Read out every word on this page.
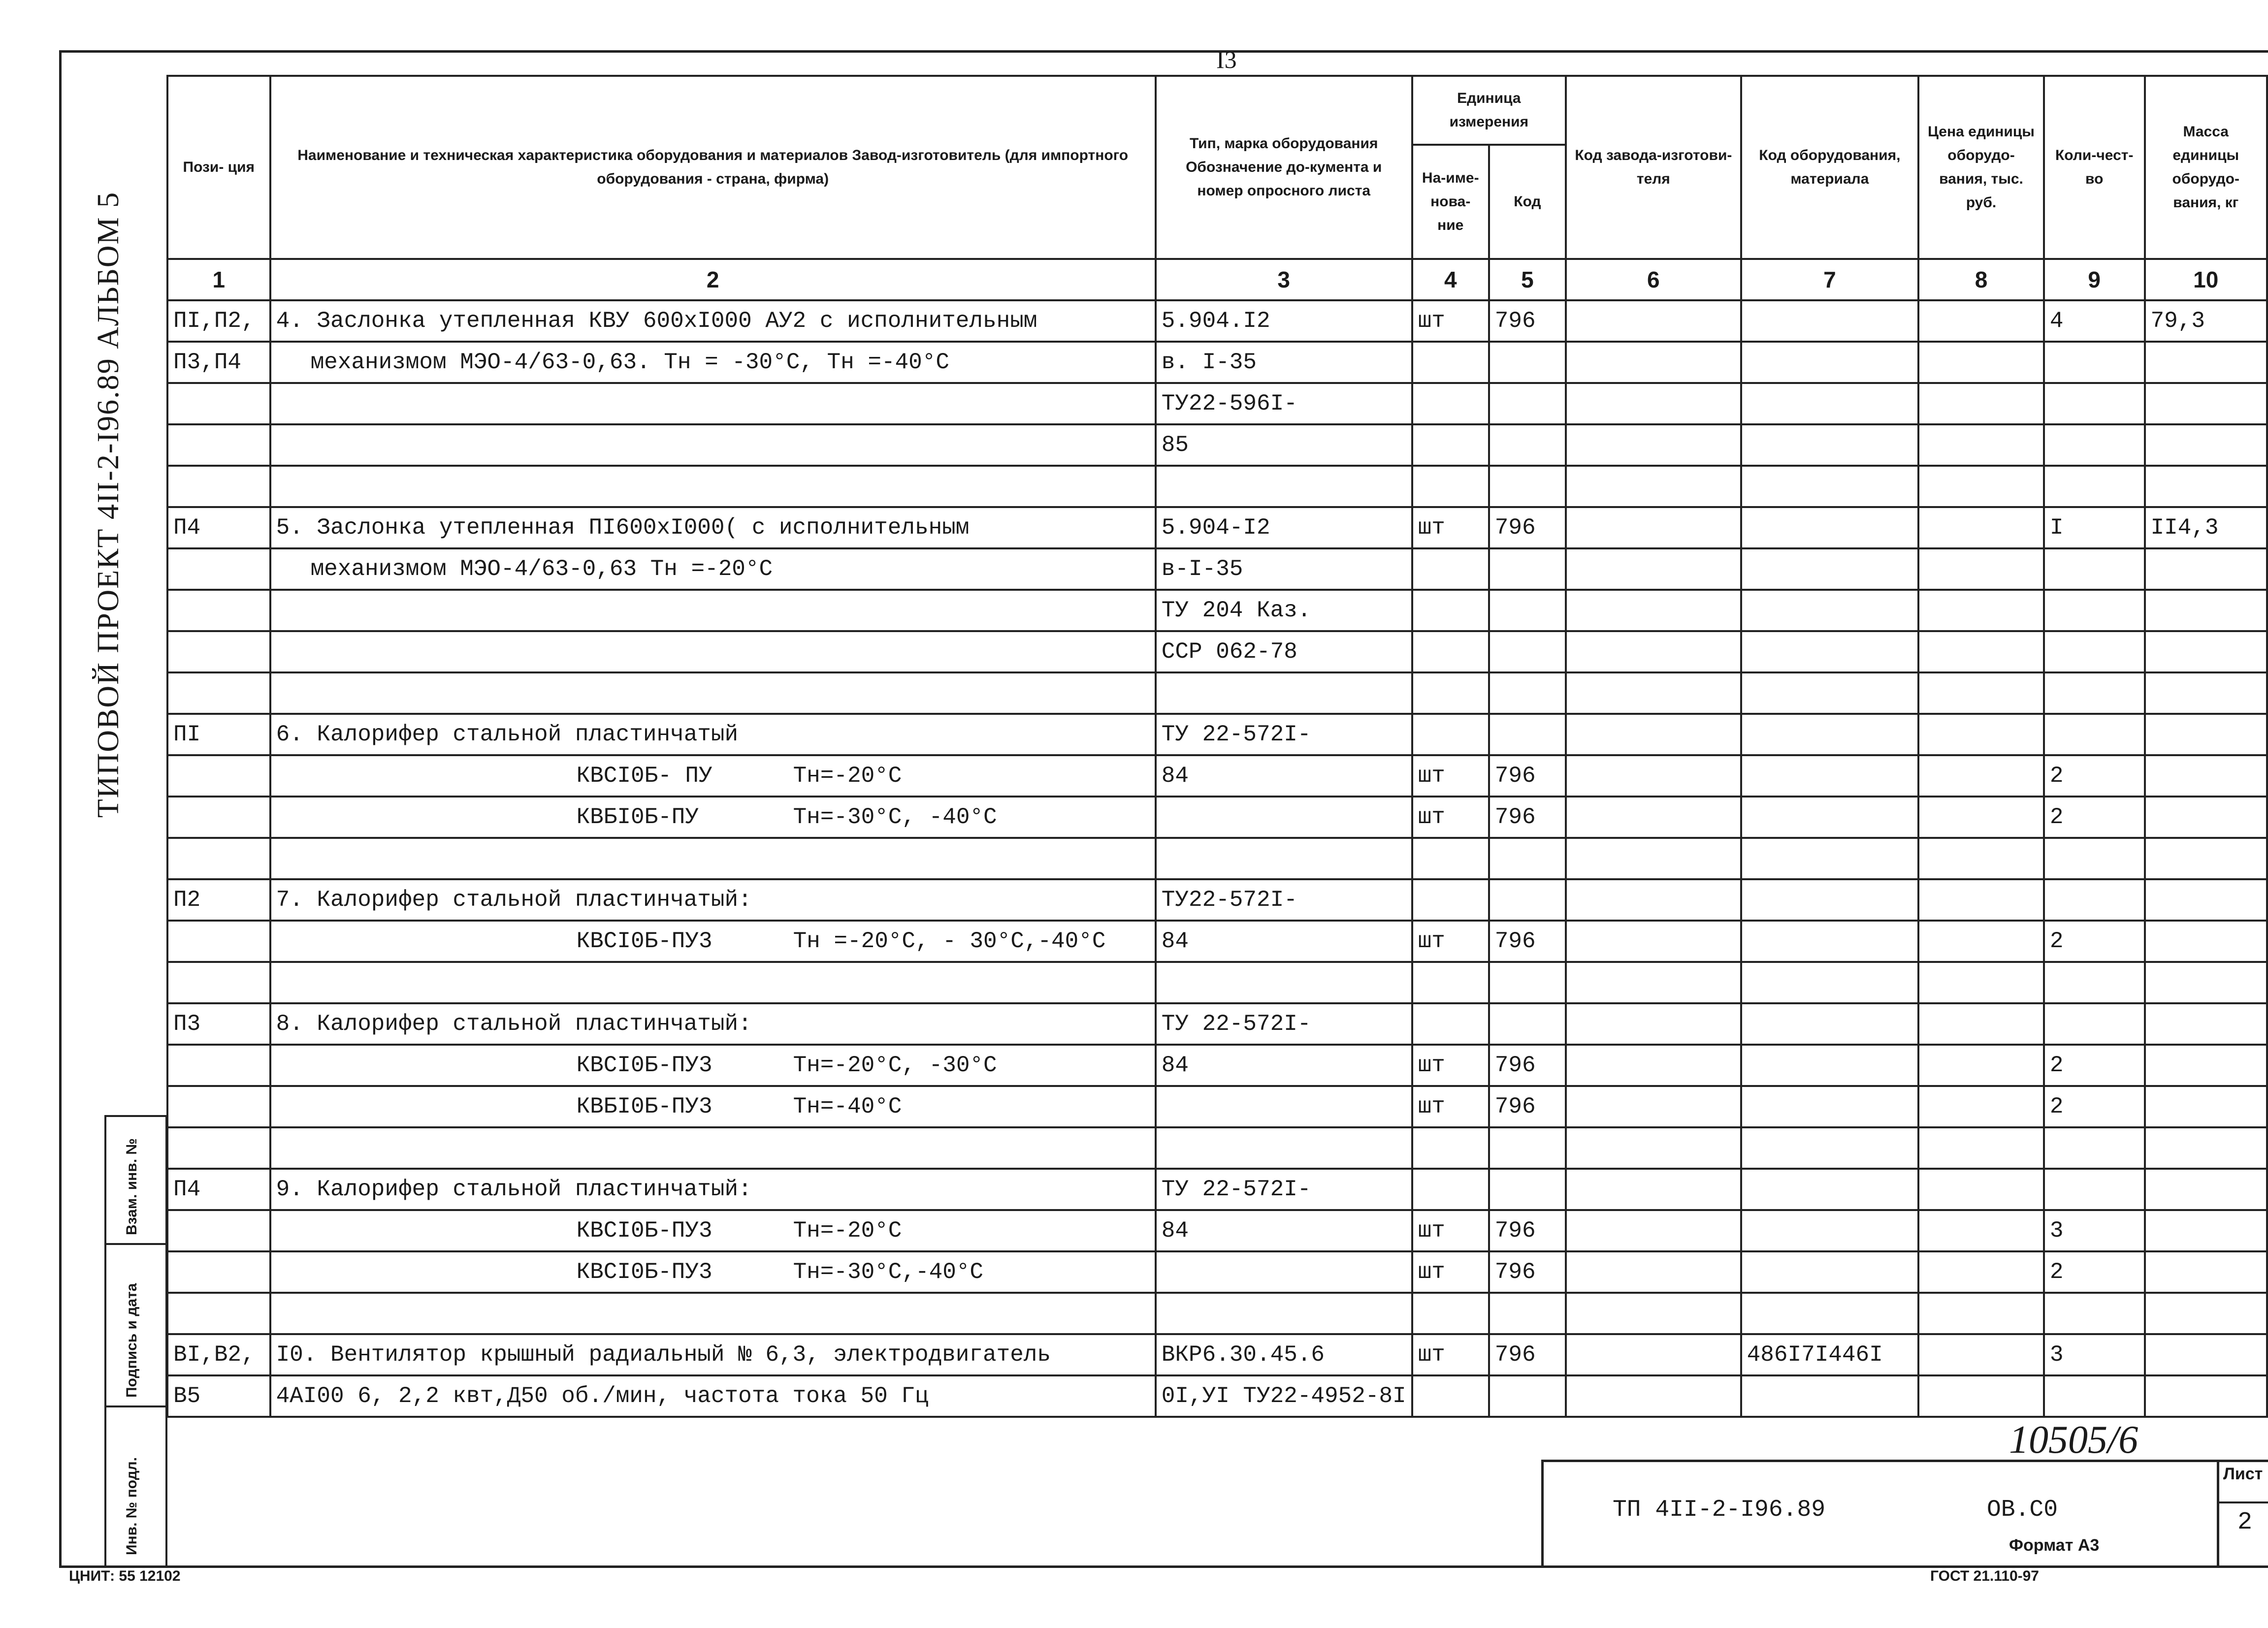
I3
ТИПОВОЙ ПРОЕКТ 4II-2-I96.89 АЛЬБОМ 5
Взам. инв. №
Подпись и дата
Инв. № подл.
Пози- ция	Наименование и техническая характеристика оборудования и материалов Завод-изготовитель (для импортного оборудования - страна, фирма)	Тип, марка оборудования Обозначение до-кумента и номер опросного листа	Единица измерения		Код завода-изготови-теля	Код оборудования, материала	Цена единицы оборудо-вания, тыс. руб.	Коли-чест-во	Масса единицы оборудо-вания, кг
			На-име-нова-ние	Код					
1	2	3	4	5	6	7	8	9	10
ПI,П2,	4. Заслонка утепленная КВУ 600хI000 АУ2 с исполнительным	5.904.I2	шт	796				4	79,3
П3,П4	механизмом МЭО-4/63-0,63. Тн = -30°С, Тн =-40°С	в. I-35							
		ТУ22-596I-							
		85							

П4	5. Заслонка утепленная ПI600хI000( с исполнительным	5.904-I2	шт	796				I	II4,3
	механизмом МЭО-4/63-0,63 Тн =-20°С	в-I-35							
		ТУ 204 Каз.							
		ССР 062-78							

ПI	6. Калорифер стальной пластинчатый	ТУ 22-572I-							
	КВСI0Б- ПУ Тн=-20°С	84	шт	796				2	
	КВБI0Б-ПУ Тн=-30°С, -40°С		шт	796				2	

П2	7. Калорифер стальной пластинчатый:	ТУ22-572I-							
	КВСI0Б-ПУ3 Тн =-20°С, - 30°С,-40°С	84	шт	796				2	

П3	8. Калорифер стальной пластинчатый:	ТУ 22-572I-							
	КВСI0Б-ПУ3 Тн=-20°С, -30°С	84	шт	796				2	
	КВБI0Б-ПУ3 Тн=-40°С		шт	796				2	

П4	9. Калорифер стальной пластинчатый:	ТУ 22-572I-							
	КВСI0Б-ПУ3 Тн=-20°С	84	шт	796				3	
	КВСI0Б-ПУ3 Тн=-30°С,-40°С		шт	796				2	

ВI,В2,	I0. Вентилятор крышный радиальный № 6,3, электродвигатель	ВКР6.30.45.6	шт	796		486I7I446I		3	
В5	4АI00 6, 2,2 квт,Д50 об./мин, частота тока 50 Гц	0I,УI ТУ22-4952-8I							
10505/6
ТП 4II-2-I96.89	ОВ.С0
Лист
2
Формат А3
ГОСТ 21.110-97
ЦНИТ: 55 12102
